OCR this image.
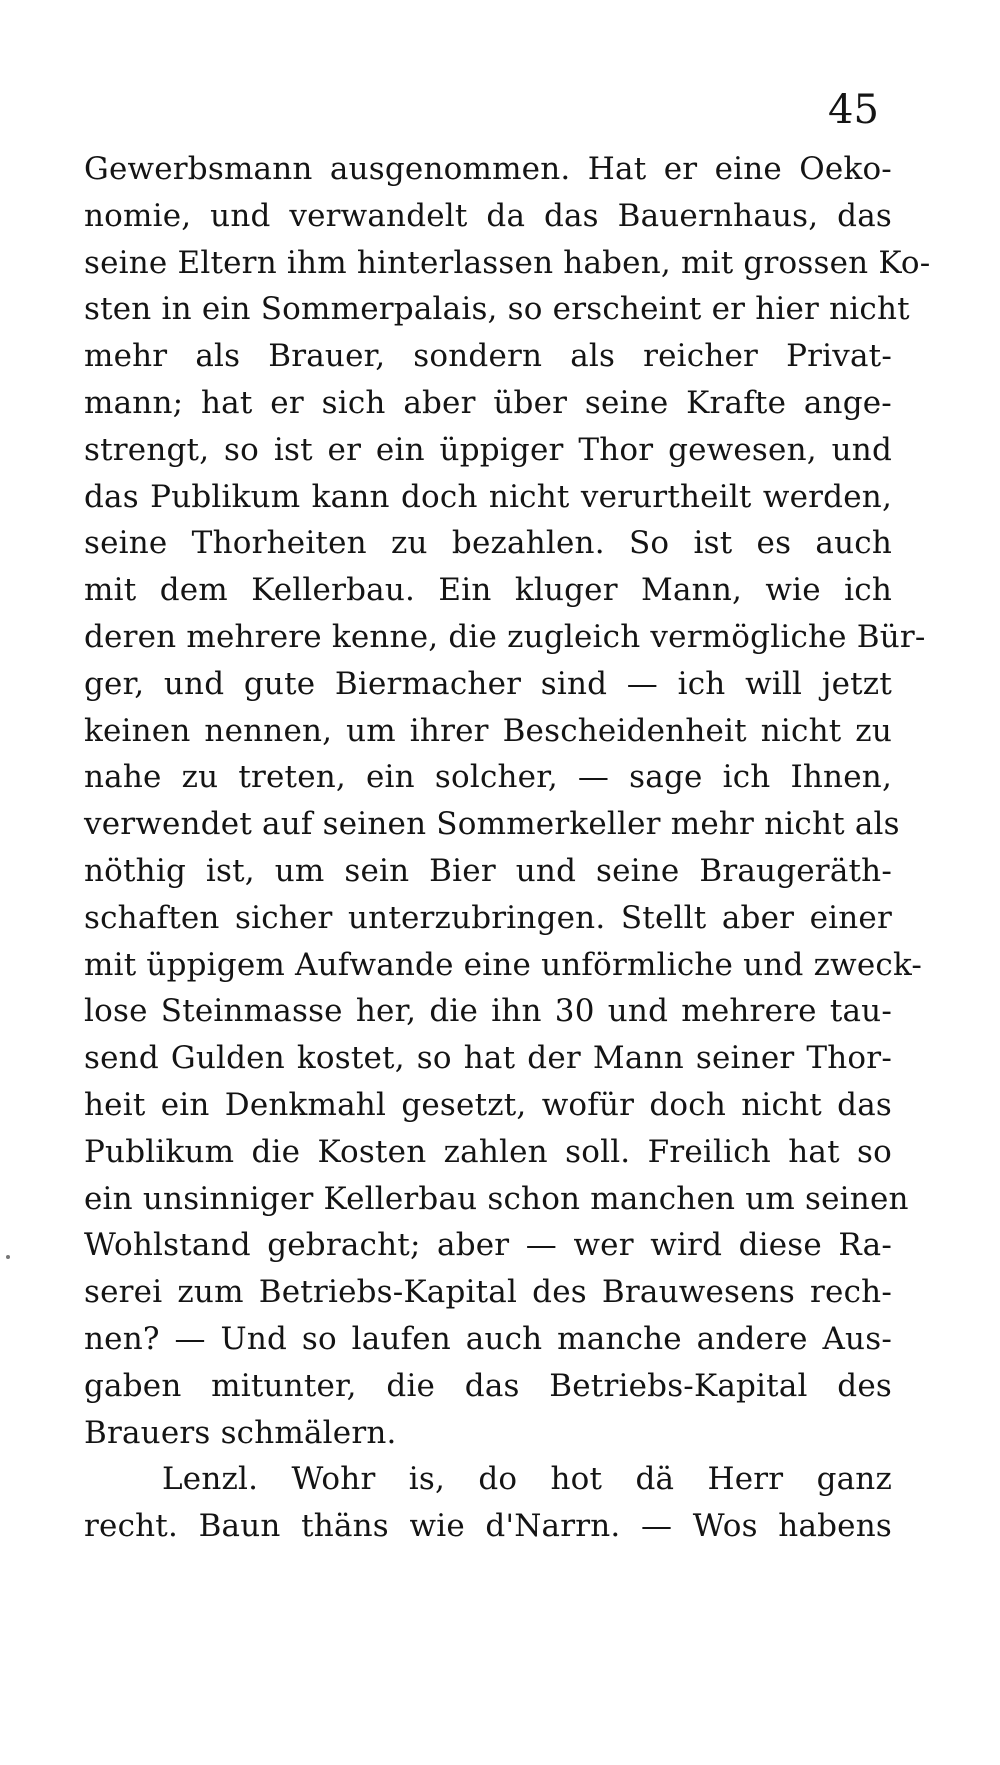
45
Gewerbsmann ausgenommen. Hat er eine Oeko-
nomie, und verwandelt da das Bauernhaus, das
seine Eltern ihm hinterlassen haben, mit grossen Ko-
sten in ein Sommerpalais, so erscheint er hier nicht
mehr als Brauer, sondern als reicher Privat-
mann; hat er sich aber über seine Krafte ange-
strengt, so ist er ein üppiger Thor gewesen, und
das Publikum kann doch nicht verurtheilt werden,
seine Thorheiten zu bezahlen. So ist es auch
mit dem Kellerbau. Ein kluger Mann, wie ich
deren mehrere kenne, die zugleich vermögliche Bür-
ger, und gute Biermacher sind — ich will jetzt
keinen nennen, um ihrer Bescheidenheit nicht zu
nahe zu treten, ein solcher, — sage ich Ihnen,
verwendet auf seinen Sommerkeller mehr nicht als
nöthig ist, um sein Bier und seine Braugeräth-
schaften sicher unterzubringen. Stellt aber einer
mit üppigem Aufwande eine unförmliche und zweck-
lose Steinmasse her, die ihn 30 und mehrere tau-
send Gulden kostet, so hat der Mann seiner Thor-
heit ein Denkmahl gesetzt, wofür doch nicht das
Publikum die Kosten zahlen soll. Freilich hat so
ein unsinniger Kellerbau schon manchen um seinen
Wohlstand gebracht; aber — wer wird diese Ra-
serei zum Betriebs-Kapital des Brauwesens rech-
nen? — Und so laufen auch manche andere Aus-
gaben mitunter, die das Betriebs-Kapital des
Brauers schmälern.
Lenzl. Wohr is, do hot dä Herr ganz
recht. Baun thäns wie d'Narrn. — Wos habens
